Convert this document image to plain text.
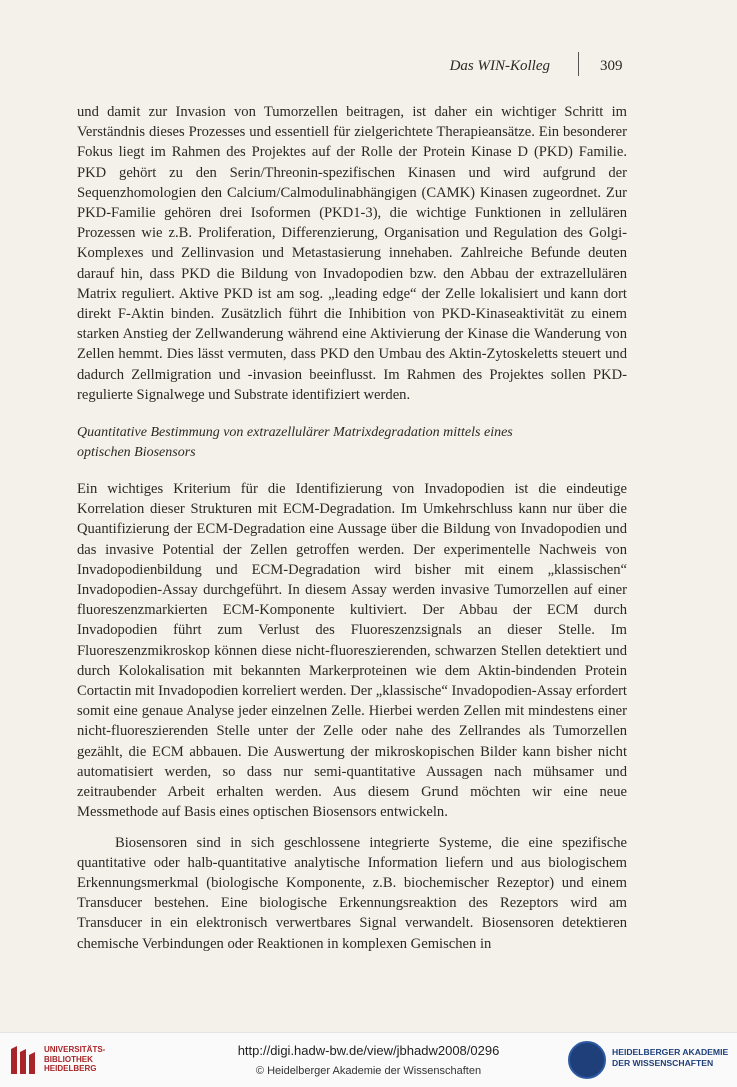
Das WIN-Kolleg	309

und damit zur Invasion von Tumorzellen beitragen, ist daher ein wichtiger Schritt im Verständnis dieses Prozesses und essentiell für zielgerichtete Therapieansätze. Ein besonderer Fokus liegt im Rahmen des Projektes auf der Rolle der Protein Kinase D (PKD) Familie. PKD gehört zu den Serin/Threonin-spezifischen Kinasen und wird aufgrund der Sequenzhomologien den Calcium/Calmodulinabhängigen (CAMK) Kinasen zugeordnet. Zur PKD-Familie gehören drei Isoformen (PKD1-3), die wichtige Funktionen in zellulären Prozessen wie z.B. Proliferation, Differenzierung, Organisation und Regulation des Golgi-Komplexes und Zellinvasion und Metastasierung innehaben. Zahlreiche Befunde deuten darauf hin, dass PKD die Bildung von Invadopodien bzw. den Abbau der extrazellulären Matrix reguliert. Aktive PKD ist am sog. „leading edge“ der Zelle lokalisiert und kann dort direkt F-Aktin binden. Zusätzlich führt die Inhibition von PKD-Kinaseaktivität zu einem starken Anstieg der Zellwanderung während eine Aktivierung der Kinase die Wanderung von Zellen hemmt. Dies lässt vermuten, dass PKD den Umbau des Aktin-Zytoskeletts steuert und dadurch Zellmigration und -invasion beeinflusst. Im Rahmen des Projektes sollen PKD-regulierte Signalwege und Substrate identifiziert werden.

Quantitative Bestimmung von extrazellulärer Matrixdegradation mittels eines optischen Biosensors

Ein wichtiges Kriterium für die Identifizierung von Invadopodien ist die eindeutige Korrelation dieser Strukturen mit ECM-Degradation. Im Umkehrschluss kann nur über die Quantifizierung der ECM-Degradation eine Aussage über die Bildung von Invadopodien und das invasive Potential der Zellen getroffen werden. Der experimentelle Nachweis von Invadopodienbildung und ECM-Degradation wird bisher mit einem „klassischen“ Invadopodien-Assay durchgeführt. In diesem Assay werden invasive Tumorzellen auf einer fluoreszenzmarkierten ECM-Komponente kultiviert. Der Abbau der ECM durch Invadopodien führt zum Verlust des Fluoreszenzsignals an dieser Stelle. Im Fluoreszenzmikroskop können diese nicht-fluoreszierenden, schwarzen Stellen detektiert und durch Kolokalisation mit bekannten Markerproteinen wie dem Aktin-bindenden Protein Cortactin mit Invadopodien korreliert werden. Der „klassische“ Invadopodien-Assay erfordert somit eine genaue Analyse jeder einzelnen Zelle. Hierbei werden Zellen mit mindestens einer nicht-fluoreszierenden Stelle unter der Zelle oder nahe des Zellrandes als Tumorzellen gezählt, die ECM abbauen. Die Auswertung der mikroskopischen Bilder kann bisher nicht automatisiert werden, so dass nur semi-quantitative Aussagen nach mühsamer und zeitraubender Arbeit erhalten werden. Aus diesem Grund möchten wir eine neue Messmethode auf Basis eines optischen Biosensors entwickeln.

Biosensoren sind in sich geschlossene integrierte Systeme, die eine spezifische quantitative oder halb-quantitative analytische Information liefern und aus biologischem Erkennungsmerkmal (biologische Komponente, z.B. biochemischer Rezeptor) und einem Transducer bestehen. Eine biologische Erkennungsreaktion des Rezeptors wird am Transducer in ein elektronisch verwertbares Signal verwandelt. Biosensoren detektieren chemische Verbindungen oder Reaktionen in komplexen Gemischen in

UNIVERSITÄTS-
BIBLIOTHEK
HEIDELBERG
http://digi.hadw-bw.de/view/jbhadw2008/0296
© Heidelberger Akademie der Wissenschaften
HEIDELBERGER AKADEMIE
DER WISSENSCHAFTEN
